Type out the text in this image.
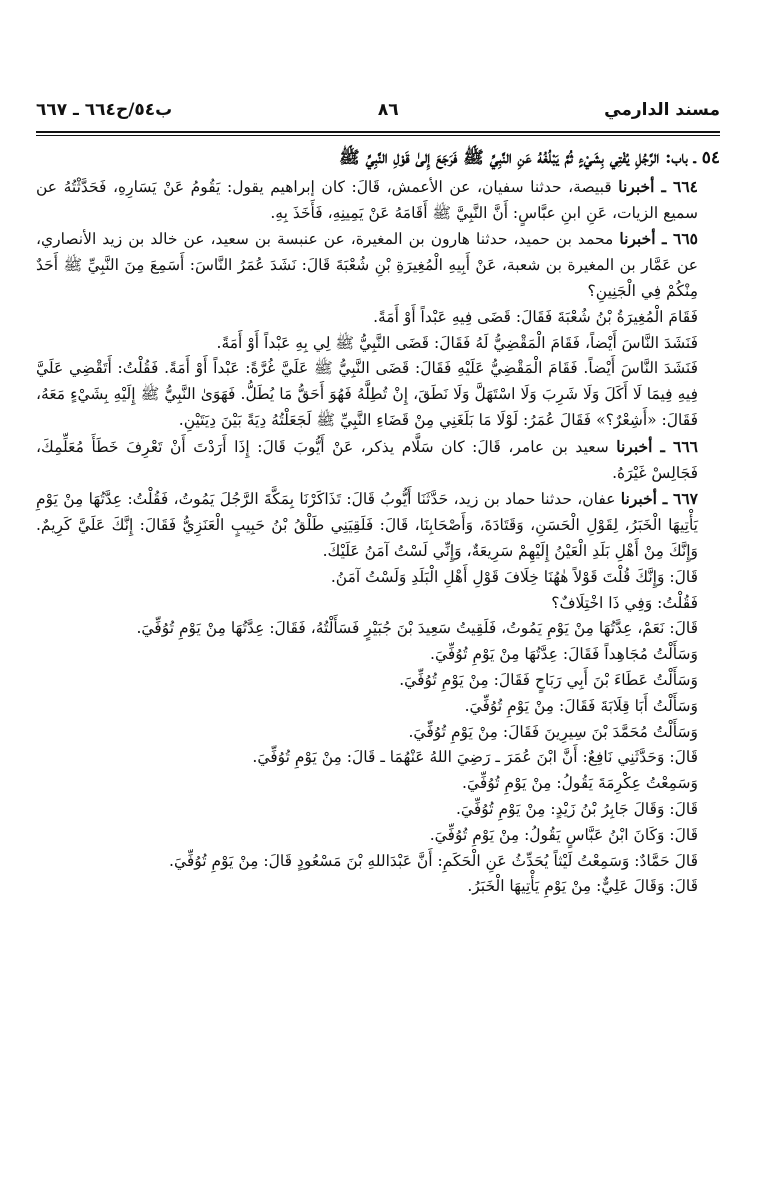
مسند الدارمي
٨٦
ب٥٤/ح٦٦٤ ـ ٦٦٧

٥٤ ـ باب: الرَّجُلِ يُفْتِي بِشَيْءٍ ثُمَّ يَبْلُغُهُ عَنِ النَّبِيِّ ﷺ فَرَجَعَ إِلىٰ قَوْلِ النَّبِيِّ ﷺ

٦٦٤ ـ أخبرنا قبيصة، حدثنا سفيان، عن الأعمش، قَالَ: كان إبراهيم يقول: يَقُومُ عَنْ يَسَارِهِ، فَحَدَّثْتُهُ عن سميع الزيات، عَنِ ابنِ عبَّاسٍ: أَنَّ النَّبِيَّ ﷺ أَقَامَهُ عَنْ يَمِينِهِ، فَأَخَذَ بِهِ.

٦٦٥ ـ أخبرنا محمد بن حميد، حدثنا هارون بن المغيرة، عن عنبسة بن سعيد، عن خالد بن زيد الأنصاري، عن عَمَّار بن المغيرة بن شعبة، عَنْ أَبِيهِ الْمُغِيرَةِ بْنِ شُعْبَةَ قَالَ: نَشَدَ عُمَرُ النَّاسَ: أَسَمِعَ مِنَ النَّبِيِّ ﷺ أَحَدٌ مِنْكُمْ فِي الْجَنِينِ؟

فَقَامَ الْمُغِيرَةُ بْنُ شُعْبَةَ فَقَالَ: قَضَى فِيهِ عَبْداً أَوْ أَمَةً.

فَنَشَدَ النَّاسَ أَيْضاً، فَقَامَ الْمَقْضِيُّ لَهُ فَقَالَ: قَضَى النَّبِيُّ ﷺ لِي بِهِ عَبْداً أَوْ أَمَةً.

فَنَشَدَ النَّاسَ أَيْضاً. فَقَامَ الْمَقْضِيُّ عَلَيْهِ فَقَالَ: قَضَى النَّبِيُّ ﷺ عَلَيَّ غُرَّةً: عَبْداً أَوْ أَمَةً. فَقُلْتُ: أَتَقْضِي عَلَيَّ فِيهِ فِيمَا لَا أَكَلَ وَلَا شَرِبَ وَلَا اسْتَهَلَّ وَلَا نَطَقَ، إِنْ تُطِلَّهُ فَهُوَ أَحَقُّ مَا يُطَلُّ. فَهَوَىٰ النَّبِيُّ ﷺ إِلَيْهِ بِشَيْءٍ مَعَهُ، فَقَالَ: «أَشِعْرٌ؟» فَقَالَ عُمَرُ: لَوْلَا مَا بَلَغَنِي مِنْ قَضَاءِ النَّبِيِّ ﷺ لَجَعَلْتُهُ دِيَةً بَيْنَ دِيَتَيْنِ.

٦٦٦ ـ أخبرنا سعيد بن عامر، قَالَ: كان سَلَّام يذكر، عَنْ أَيُّوبَ قَالَ: إِذَا أَرَدْتَ أَنْ تَعْرِفَ خَطَأَ مُعَلِّمِكَ، فَجَالِسْ غَيْرَهُ.

٦٦٧ ـ أخبرنا عفان، حدثنا حماد بن زيد، حَدَّثَنَا أَيُّوبُ قَالَ: تَذَاكَرْنَا بِمَكَّةَ الرَّجُلَ يَمُوتُ، فَقُلْتُ: عِدَّتُهَا مِنْ يَوْمِ يَأْتِيهَا الْخَبَرُ، لِقَوْلِ الْحَسَنِ، وَقَتَادَةَ، وَأَصْحَابِنَا، قَالَ: فَلَقِيَنِي طَلْقُ بْنُ حَبِيبٍ الْعَنَزِيُّ فَقَالَ: إِنَّكَ عَلَيَّ كَرِيمٌ. وَإِنَّكَ مِنْ أَهْلِ بَلَدِ الْعَيْنُ إِلَيْهِمْ سَرِيعَةٌ، وَإِنِّي لَسْتُ آمَنُ عَلَيْكَ.

قَالَ: وَإِنَّكَ قُلْتَ قَوْلاً هٰهُنَا خِلَافَ قَوْلِ أَهْلِ الْبَلَدِ وَلَسْتُ آمَنُ.

فَقُلْتُ: وَفِي ذَا اخْتِلَافٌ؟

قَالَ: نَعَمْ، عِدَّتُهَا مِنْ يَوْمِ يَمُوتُ، فَلَقِيتُ سَعِيدَ بْنَ جُبَيْرٍ فَسَأَلْتُهُ، فَقَالَ: عِدَّتُهَا مِنْ يَوْمِ تُوُفِّيَ.

وَسَأَلْتُ مُجَاهِداً فَقَالَ: عِدَّتُهَا مِنْ يَوْمِ تُوُفِّيَ.

وَسَأَلْتُ عَطَاءَ بْنَ أَبِي رَبَاحٍ فَقَالَ: مِنْ يَوْمِ تُوُفِّيَ.

وَسَأَلْتُ أَبَا قِلَابَةَ فَقَالَ: مِنْ يَوْمِ تُوُفِّيَ.

وَسَأَلْتُ مُحَمَّدَ بْنَ سِيرِينَ فَقَالَ: مِنْ يَوْمِ تُوُفِّيَ.

قَالَ: وَحَدَّثَنِي نَافِعٌ: أَنَّ ابْنَ عُمَرَ ـ رَضِيَ اللهُ عَنْهُمَا ـ قَالَ: مِنْ يَوْمِ تُوُفِّيَ.

وَسَمِعْتُ عِكْرِمَةَ يَقُولُ: مِنْ يَوْمِ تُوُفِّيَ.

قَالَ: وَقَالَ جَابِرُ بْنُ زَيْدٍ: مِنْ يَوْمِ تُوُفِّيَ.

قَالَ: وَكَانَ ابْنُ عَبَّاسٍ يَقُولُ: مِنْ يَوْمِ تُوُفِّيَ.

قَالَ حَمَّادٌ: وَسَمِعْتُ لَيْثاً يُحَدِّثُ عَنِ الْحَكَمِ: أَنَّ عَبْدَاللهِ بْنَ مَسْعُودٍ قَالَ: مِنْ يَوْمِ تُوُفِّيَ.

قَالَ: وَقَالَ عَلِيٌّ: مِنْ يَوْمِ يَأْتِيهَا الْخَبَرُ.
